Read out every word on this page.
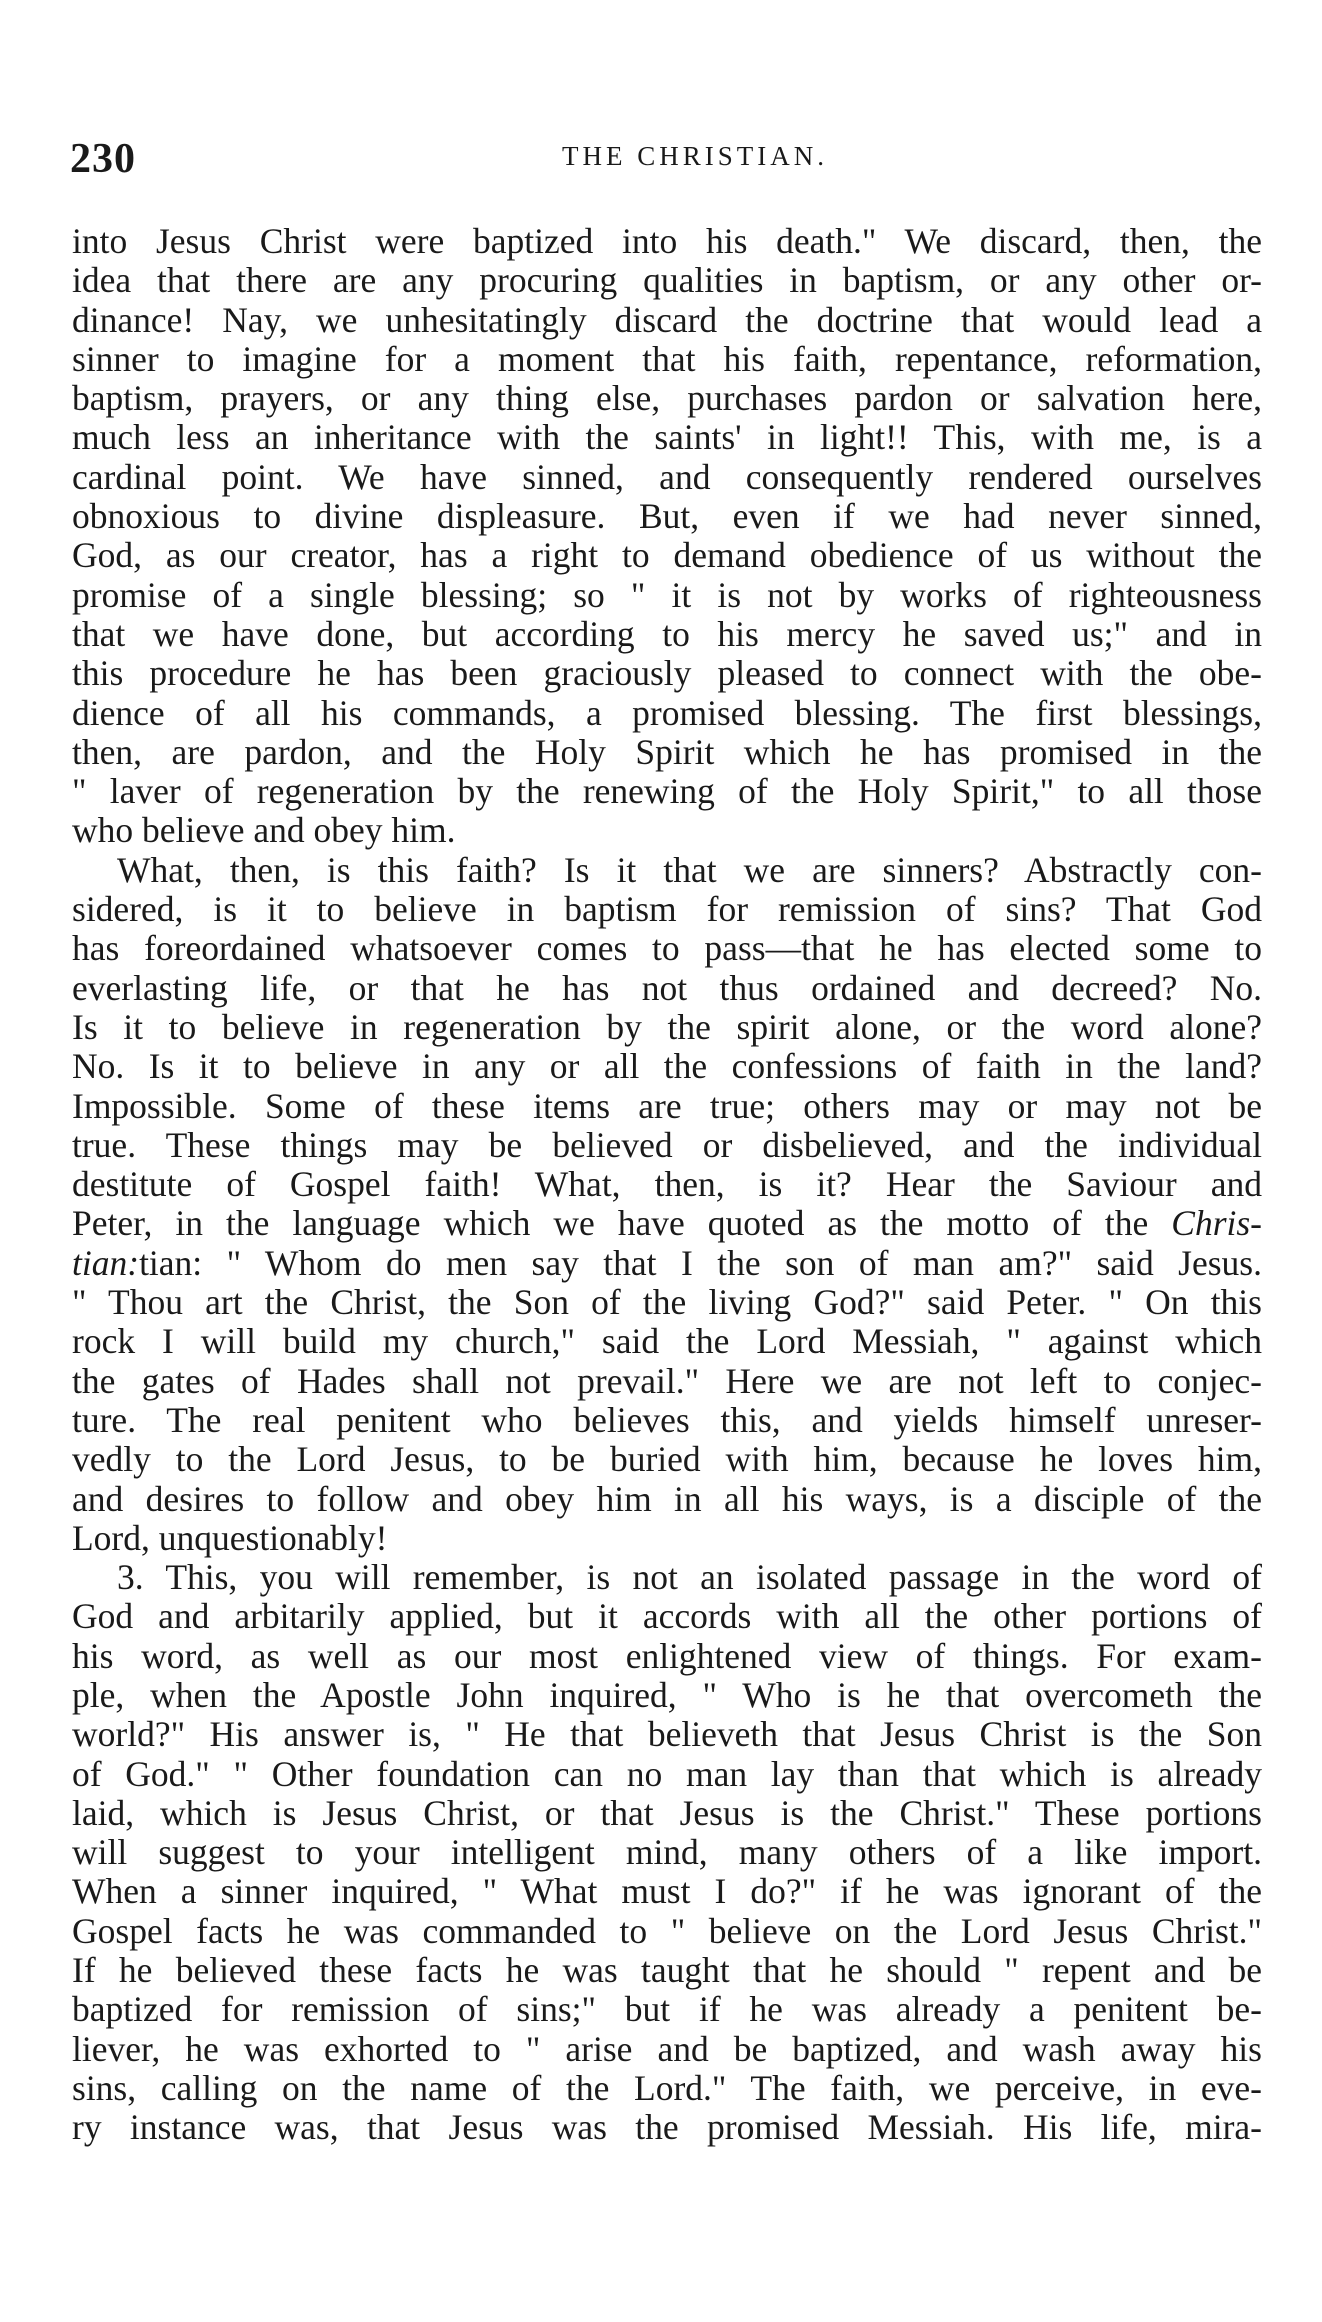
230	THE CHRISTIAN.
into Jesus Christ were baptized into his death." We discard, then, the
idea that there are any procuring qualities in baptism, or any other or-
dinance! Nay, we unhesitatingly discard the doctrine that would lead a
sinner to imagine for a moment that his faith, repentance, reformation,
baptism, prayers, or any thing else, purchases pardon or salvation here,
much less an inheritance with the saints' in light!! This, with me, is a
cardinal point. We have sinned, and consequently rendered ourselves
obnoxious to divine displeasure. But, even if we had never sinned,
God, as our creator, has a right to demand obedience of us without the
promise of a single blessing; so " it is not by works of righteousness
that we have done, but according to his mercy he saved us;" and in
this procedure he has been graciously pleased to connect with the obe-
dience of all his commands, a promised blessing. The first blessings,
then, are pardon, and the Holy Spirit which he has promised in the
" laver of regeneration by the renewing of the Holy Spirit," to all those
who believe and obey him.
What, then, is this faith? Is it that we are sinners? Abstractly con-
sidered, is it to believe in baptism for remission of sins? That God
has foreordained whatsoever comes to pass—that he has elected some to
everlasting life, or that he has not thus ordained and decreed? No.
Is it to believe in regeneration by the spirit alone, or the word alone?
No. Is it to believe in any or all the confessions of faith in the land?
Impossible. Some of these items are true; others may or may not be
true. These things may be believed or disbelieved, and the individual
destitute of Gospel faith! What, then, is it? Hear the Saviour and
Peter, in the language which we have quoted as the motto of the Chris-
tian:tian: " Whom do men say that I the son of man am?" said Jesus.
" Thou art the Christ, the Son of the living God?" said Peter. " On this
rock I will build my church," said the Lord Messiah, " against which
the gates of Hades shall not prevail." Here we are not left to conjec-
ture. The real penitent who believes this, and yields himself unreser-
vedly to the Lord Jesus, to be buried with him, because he loves him,
and desires to follow and obey him in all his ways, is a disciple of the
Lord, unquestionably!
3. This, you will remember, is not an isolated passage in the word of
God and arbitarily applied, but it accords with all the other portions of
his word, as well as our most enlightened view of things. For exam-
ple, when the Apostle John inquired, " Who is he that overcometh the
world?" His answer is, " He that believeth that Jesus Christ is the Son
of God." " Other foundation can no man lay than that which is already
laid, which is Jesus Christ, or that Jesus is the Christ." These portions
will suggest to your intelligent mind, many others of a like import.
When a sinner inquired, " What must I do?" if he was ignorant of the
Gospel facts he was commanded to " believe on the Lord Jesus Christ."
If he believed these facts he was taught that he should " repent and be
baptized for remission of sins;" but if he was already a penitent be-
liever, he was exhorted to " arise and be baptized, and wash away his
sins, calling on the name of the Lord." The faith, we perceive, in eve-
ry instance was, that Jesus was the promised Messiah. His life, mira-
